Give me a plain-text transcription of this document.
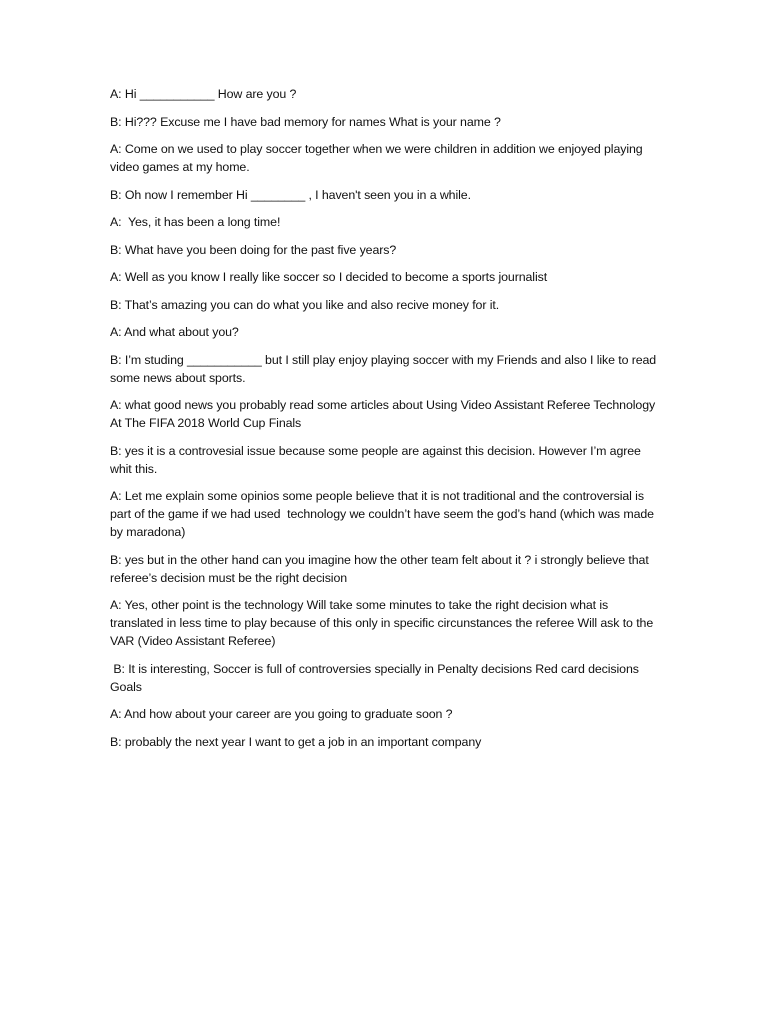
A: Hi ___________ How are you ?

B: Hi??? Excuse me I have bad memory for names What is your name ?

A: Come on we used to play soccer together when we were children in addition we enjoyed playing video games at my home.

B: Oh now I remember Hi ________ , I haven't seen you in a while.

A:  Yes, it has been a long time!

B: What have you been doing for the past five years?

A: Well as you know I really like soccer so I decided to become a sports journalist

B: That’s amazing you can do what you like and also recive money for it.

A: And what about you?

B: I’m studing ___________ but I still play enjoy playing soccer with my Friends and also I like to read some news about sports.

A: what good news you probably read some articles about Using Video Assistant Referee Technology At The FIFA 2018 World Cup Finals

B: yes it is a controvesial issue because some people are against this decision. However I’m agree whit this.

A: Let me explain some opinios some people believe that it is not traditional and the controversial is part of the game if we had used  technology we couldn’t have seem the god’s hand (which was made by maradona)

B: yes but in the other hand can you imagine how the other team felt about it ? i strongly believe that referee’s decision must be the right decision

A: Yes, other point is the technology Will take some minutes to take the right decision what is translated in less time to play because of this only in specific circunstances the referee Will ask to the VAR (Video Assistant Referee)

B: It is interesting, Soccer is full of controversies specially in Penalty decisions Red card decisions Goals

A: And how about your career are you going to graduate soon ?

B: probably the next year I want to get a job in an important company
